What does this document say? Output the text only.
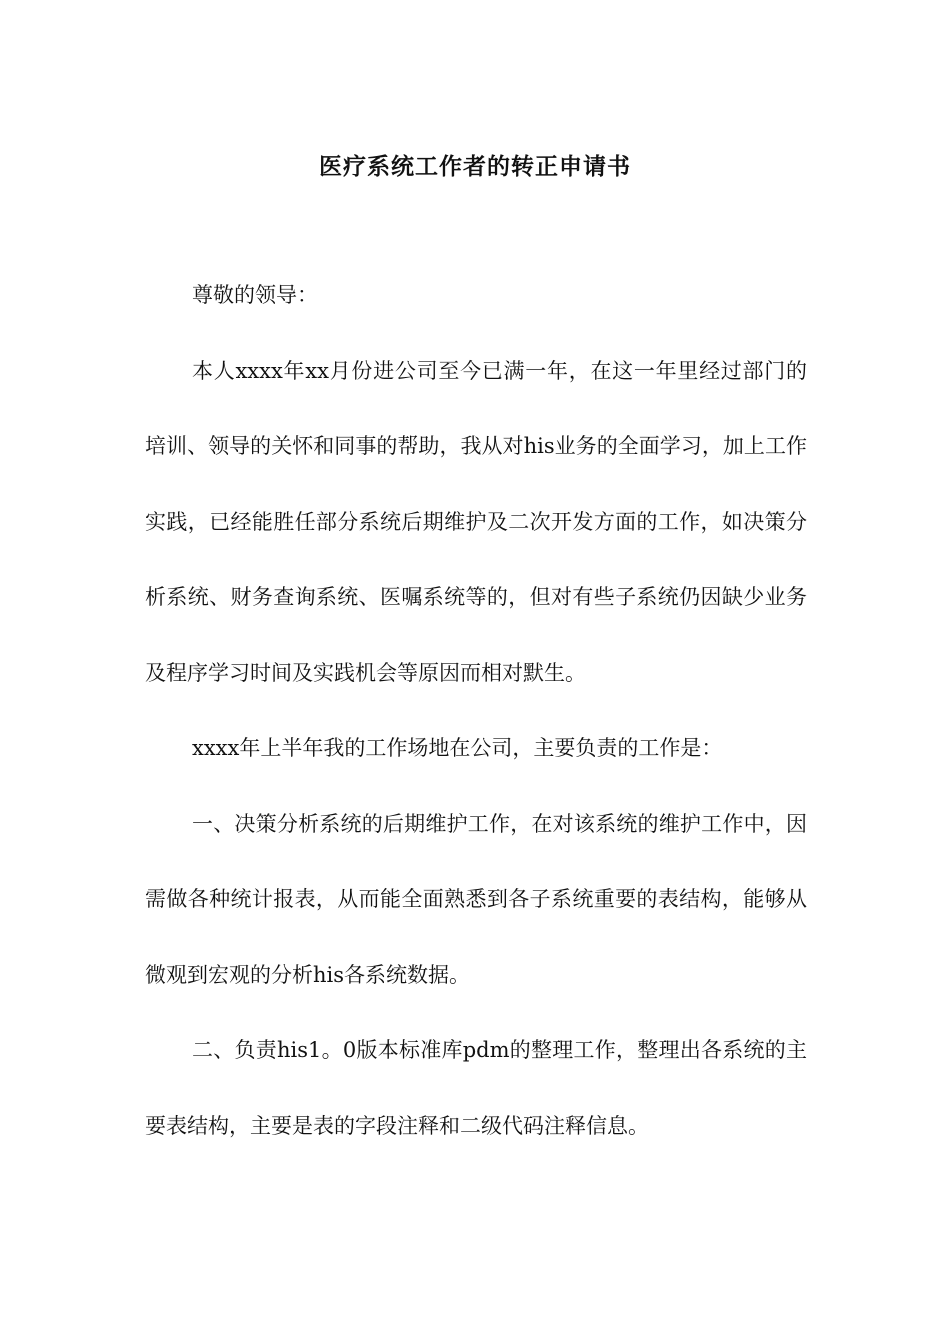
医疗系统工作者的转正申请书

尊敬的领导：

本人xxxx年xx月份进公司至今已满一年，在这一年里经过部门的培训、领导的关怀和同事的帮助，我从对his业务的全面学习，加上工作实践，已经能胜任部分系统后期维护及二次开发方面的工作，如决策分析系统、财务查询系统、医嘱系统等的，但对有些子系统仍因缺少业务及程序学习时间及实践机会等原因而相对默生。

xxxx年上半年我的工作场地在公司，主要负责的工作是：

一、决策分析系统的后期维护工作，在对该系统的维护工作中，因需做各种统计报表，从而能全面熟悉到各子系统重要的表结构，能够从微观到宏观的分析his各系统数据。

二、负责his1。0版本标准库pdm的整理工作，整理出各系统的主要表结构，主要是表的字段注释和二级代码注释信息。
